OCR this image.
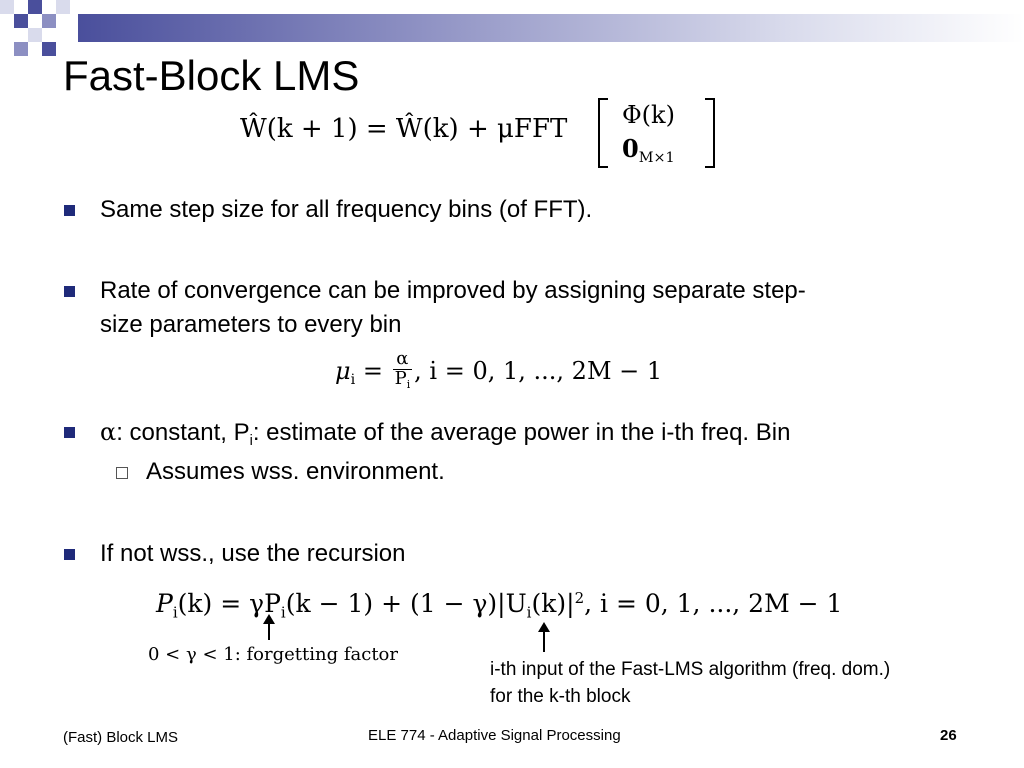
Fast-Block LMS
Ŵ(k + 1) = Ŵ(k) + μFFT Φ(k)
$0_{M\times 1}$
Same step size for all frequency bins (of FFT).
Rate of convergence can be improved by assigning separate step-
size parameters to every bin
$\mu_i = \frac{\alpha}{P_i}$ , i = 0, 1, ..., 2M − 1
α: constant, $P_i$: estimate of the average power in the i-th freq. Bin
Assumes wss. environment.
If not wss., use the recursion
$P_i(k) = \gamma P_i(k - 1) + (1 - \gamma)|U_i(k)|^2$, i = 0, 1, ..., 2M − 1
0 < γ < 1: forgetting factor
i-th input of the Fast-LMS algorithm (freq. dom.)
for the k-th block
(Fast) Block LMS	ELE 774 - Adaptive Signal Processing	26
